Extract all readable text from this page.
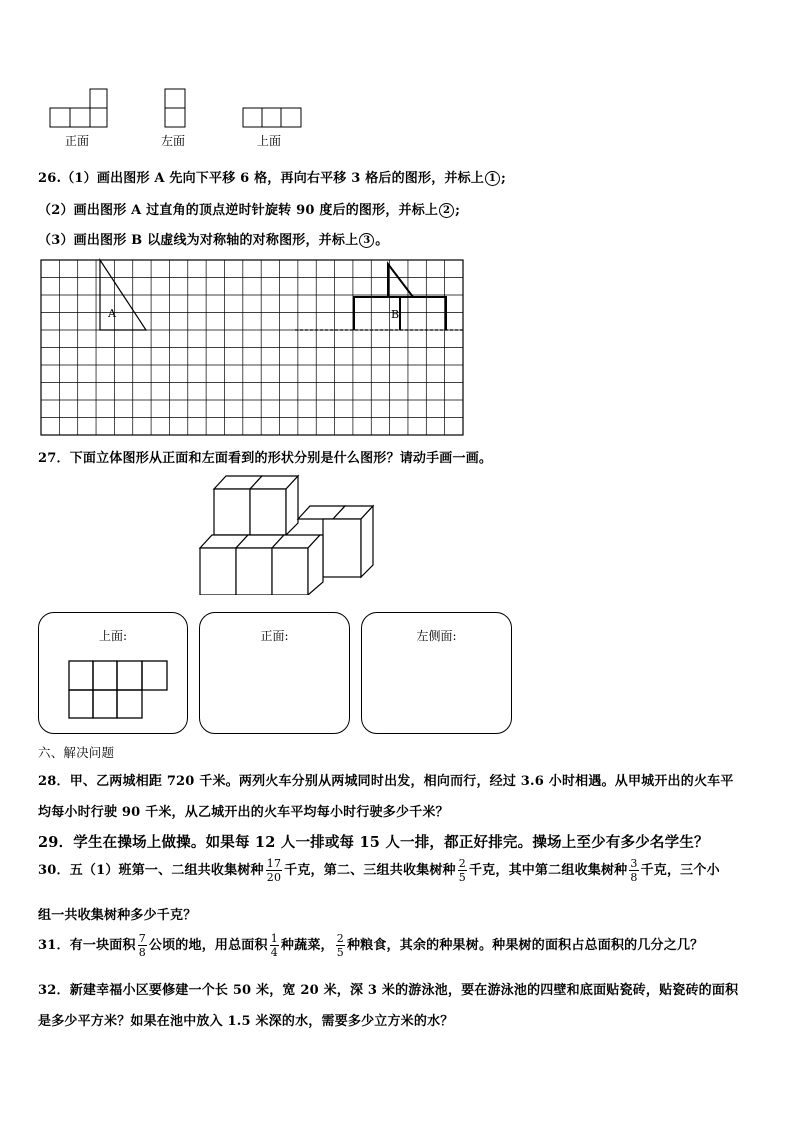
正面	左面	上面
26.（1）画出图形 A 先向下平移 6 格，再向右平移 3 格后的图形，并标上 1 ;
（2）画出图形 A 过直角的顶点逆时针旋转 90 度后的图形，并标上 2 ;
（3）画出图形 B 以虚线为对称轴的对称图形，并标上 3 。
A	B
27．下面立体图形从正面和左面看到的形状分别是什么图形？请动手画一画。
上面:	正面:	左侧面:
六、解决问题
28．甲、乙两城相距 720 千米。两列火车分别从两城同时出发，相向而行，经过 3.6 小时相遇。从甲城开出的火车平
均每小时行驶 90 千米，从乙城开出的火车平均每小时行驶多少千米？
29．学生在操场上做操。如果每 12 人一排或每 15 人一排，都正好排完。操场上至少有多少名学生？
30．五（1）班第一、二组共收集树种 $\frac{17}{20}$ 千克，第二、三组共收集树种 $\frac{2}{5}$ 千克，其中第二组收集树种 $\frac{3}{8}$ 千克，三个小
组一共收集树种多少千克？
31．有一块面积 $\frac{7}{8}$ 公顷的地，用总面积 $\frac{1}{4}$ 种蔬菜， $\frac{2}{5}$ 种粮食，其余的种果树。种果树的面积占总面积的几分之几？
32．新建幸福小区要修建一个长 50 米，宽 20 米，深 3 米的游泳池，要在游泳池的四壁和底面贴瓷砖，贴瓷砖的面积
是多少平方米？如果在池中放入 1.5 米深的水，需要多少立方米的水？
